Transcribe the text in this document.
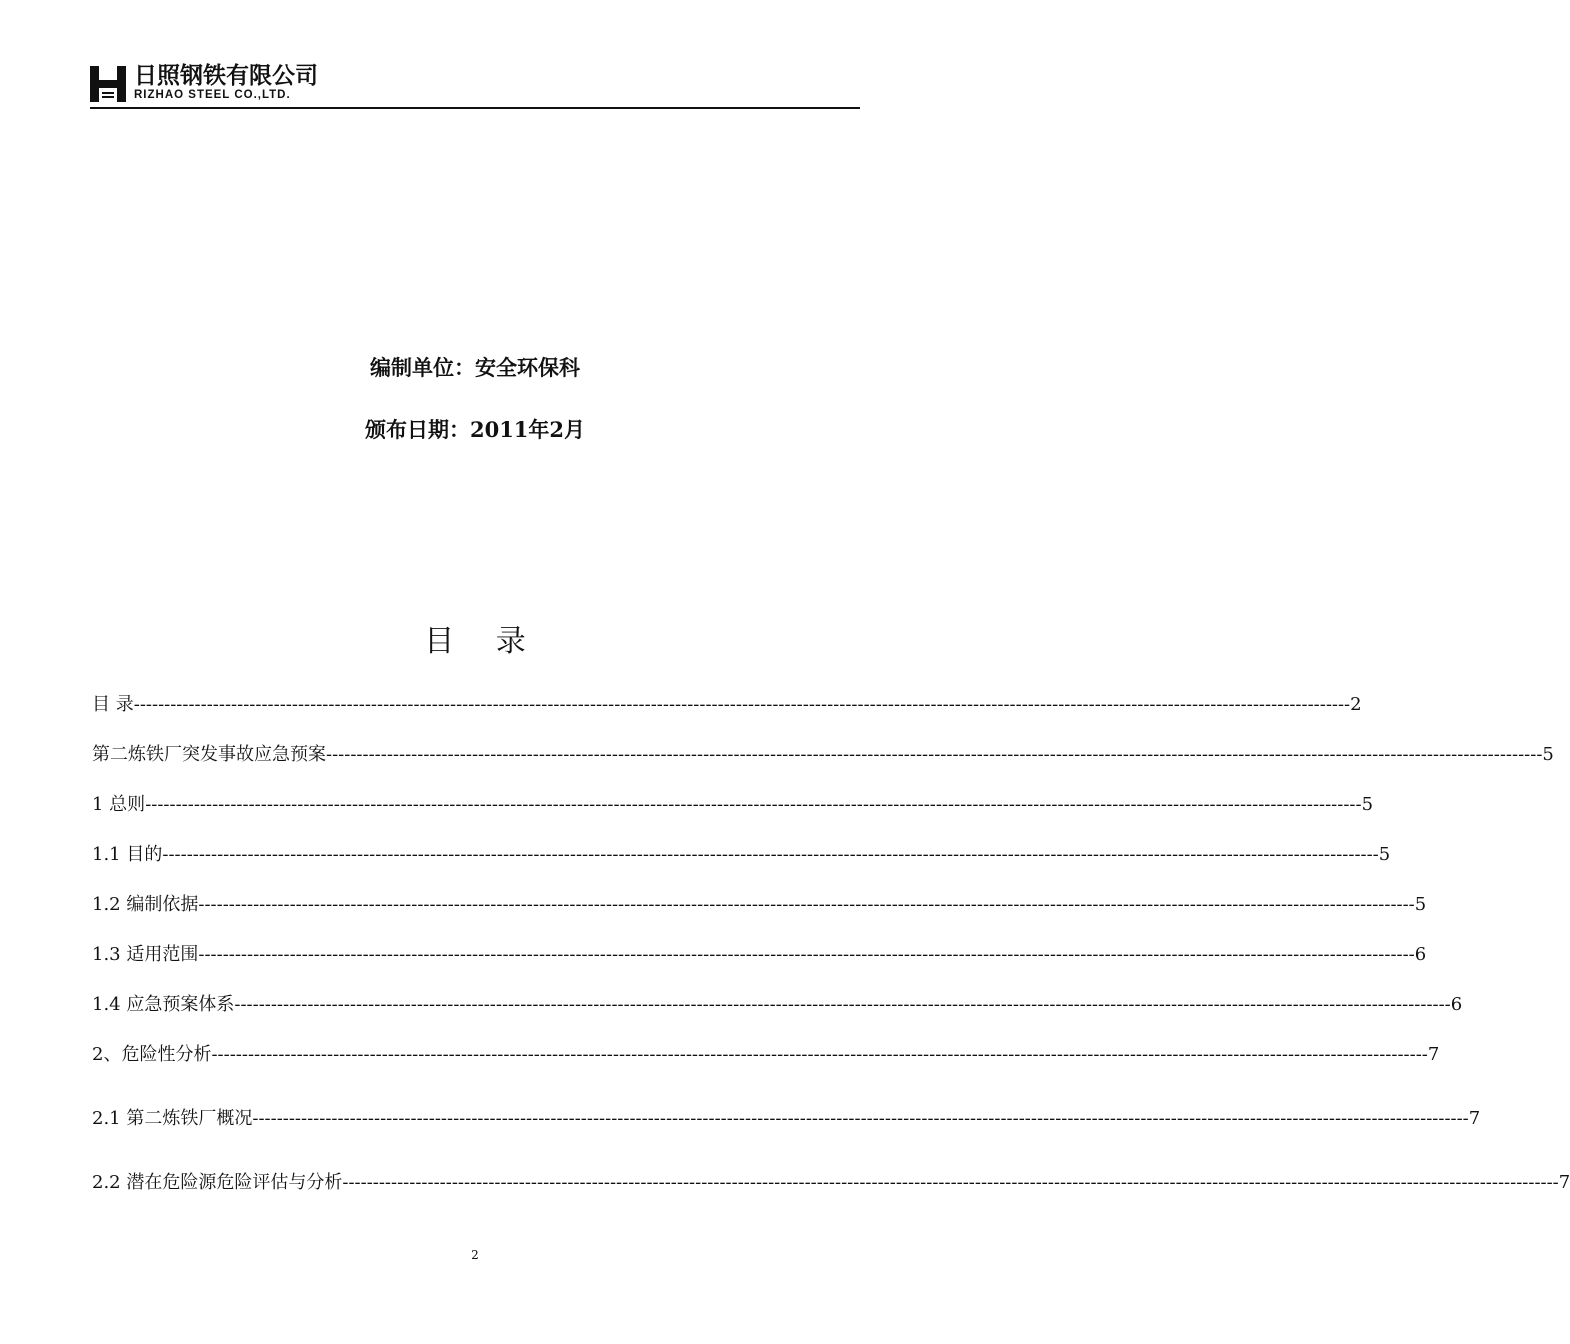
日照钢铁有限公司
RIZHAO STEEL CO.,LTD.
编制单位：安全环保科
颁布日期：2011年2月
目 录
目 录 -------------------------------------------------------------------------------------------------------------------------------------------------------------------------------------------------------- 2
第二炼铁厂突发事故应急预案 -------------------------------------------------------------------------------------------------------------------------------------------------------------------------------------------------------- 5
1 总则 -------------------------------------------------------------------------------------------------------------------------------------------------------------------------------------------------------- 5
1.1 目的 -------------------------------------------------------------------------------------------------------------------------------------------------------------------------------------------------------- 5
1.2 编制依据 -------------------------------------------------------------------------------------------------------------------------------------------------------------------------------------------------------- 5
1.3 适用范围 -------------------------------------------------------------------------------------------------------------------------------------------------------------------------------------------------------- 6
1.4 应急预案体系 -------------------------------------------------------------------------------------------------------------------------------------------------------------------------------------------------------- 6
2、危险性分析 -------------------------------------------------------------------------------------------------------------------------------------------------------------------------------------------------------- 7
2.1 第二炼铁厂概况 -------------------------------------------------------------------------------------------------------------------------------------------------------------------------------------------------------- 7
2.2 潜在危险源危险评估与分析 -------------------------------------------------------------------------------------------------------------------------------------------------------------------------------------------------------- 7
2
